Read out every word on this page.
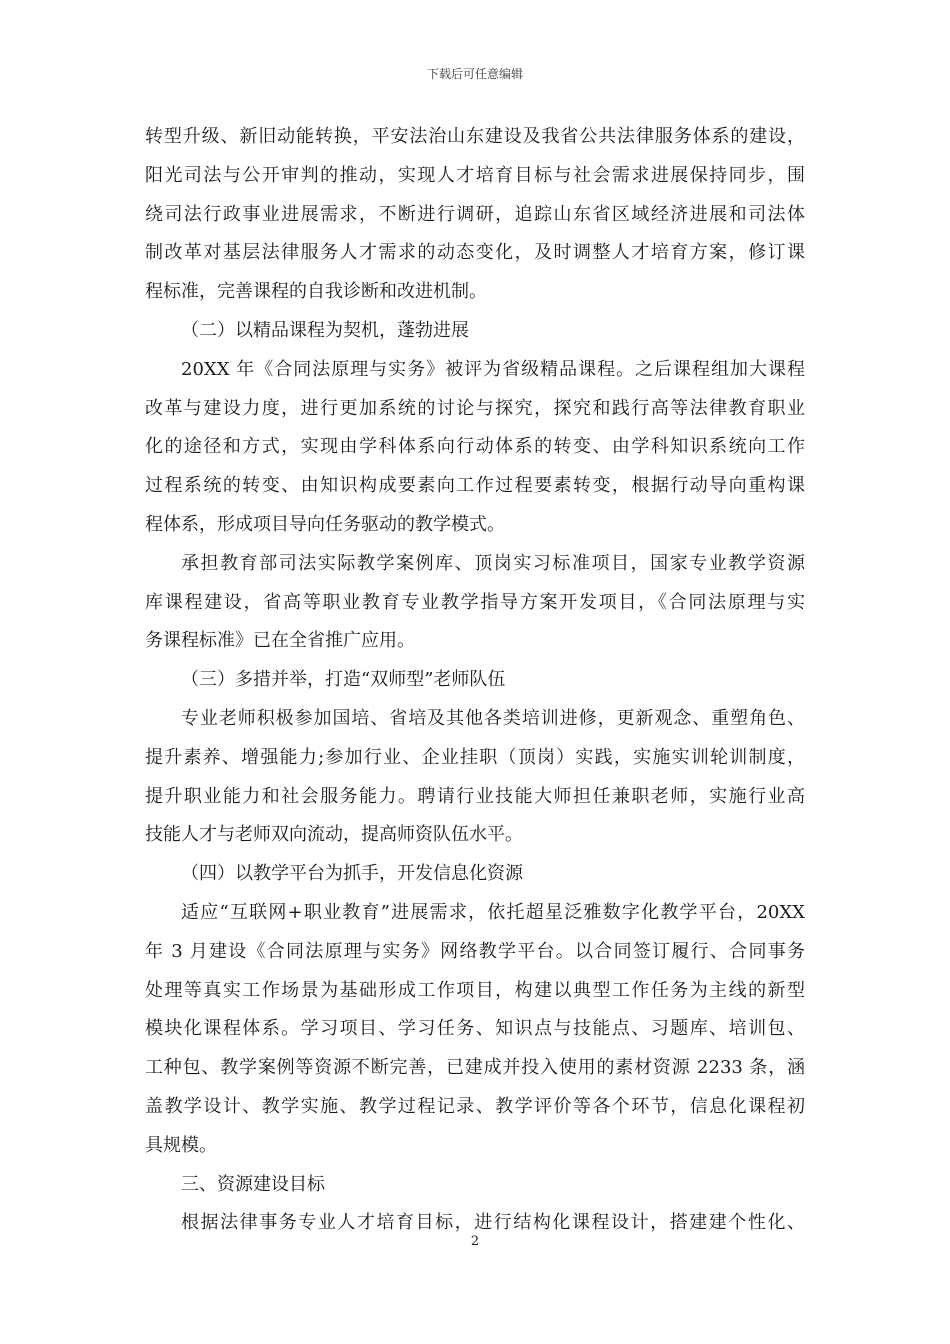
下载后可任意编辑
转型升级、新旧动能转换，平安法治山东建设及我省公共法律服务体系的建设，
阳光司法与公开审判的推动，实现人才培育目标与社会需求进展保持同步，围
绕司法行政事业进展需求，不断进行调研，追踪山东省区域经济进展和司法体
制改革对基层法律服务人才需求的动态变化，及时调整人才培育方案，修订课
程标准，完善课程的自我诊断和改进机制。
（二）以精品课程为契机，蓬勃进展
20XX 年《合同法原理与实务》被评为省级精品课程。之后课程组加大课程
改革与建设力度，进行更加系统的讨论与探究，探究和践行高等法律教育职业
化的途径和方式，实现由学科体系向行动体系的转变、由学科知识系统向工作
过程系统的转变、由知识构成要素向工作过程要素转变，根据行动导向重构课
程体系，形成项目导向任务驱动的教学模式。
承担教育部司法实际教学案例库、顶岗实习标准项目，国家专业教学资源
库课程建设，省高等职业教育专业教学指导方案开发项目，《合同法原理与实
务课程标准》已在全省推广应用。
（三）多措并举，打造“双师型”老师队伍
专业老师积极参加国培、省培及其他各类培训进修，更新观念、重塑角色、
提升素养、增强能力;参加行业、企业挂职（顶岗）实践，实施实训轮训制度，
提升职业能力和社会服务能力。聘请行业技能大师担任兼职老师，实施行业高
技能人才与老师双向流动，提高师资队伍水平。
（四）以教学平台为抓手，开发信息化资源
适应“互联网+职业教育”进展需求，依托超星泛雅数字化教学平台，20XX
年 3 月建设《合同法原理与实务》网络教学平台。以合同签订履行、合同事务
处理等真实工作场景为基础形成工作项目，构建以典型工作任务为主线的新型
模块化课程体系。学习项目、学习任务、知识点与技能点、习题库、培训包、
工种包、教学案例等资源不断完善，已建成并投入使用的素材资源 2233 条，涵
盖教学设计、教学实施、教学过程记录、教学评价等各个环节，信息化课程初
具规模。
三、资源建设目标
根据法律事务专业人才培育目标，进行结构化课程设计，搭建建个性化、
2
